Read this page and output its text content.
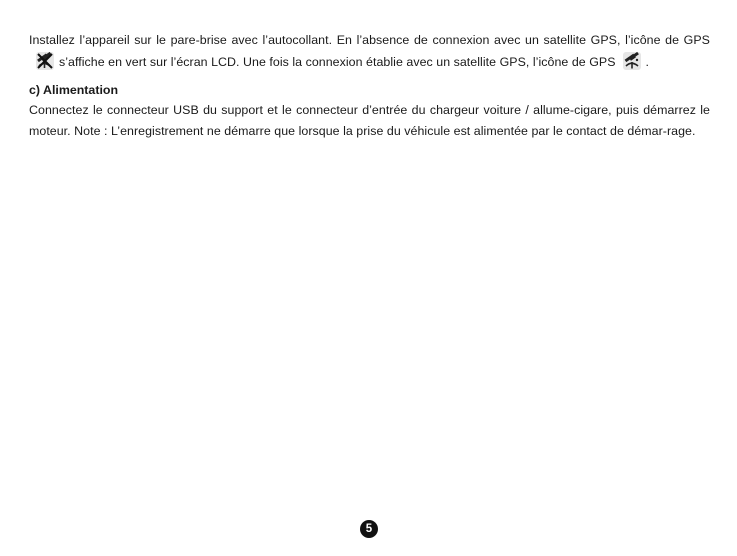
Installez l’appareil sur le pare-brise avec l’autocollant. En l’absence de connexion avec un satellite GPS, l’icône de GPS
s’affiche en vert sur l’écran LCD. Une fois la connexion établie avec un satellite GPS, l’icône de GPS .

c) Alimentation

Connectez le connecteur USB du support et le connecteur d’entrée du chargeur voiture / allume-cigare, puis démarrez le moteur. Note : L’enregistrement ne démarre que lorsque la prise du véhicule est alimentée par le contact de démar-rage.

5
